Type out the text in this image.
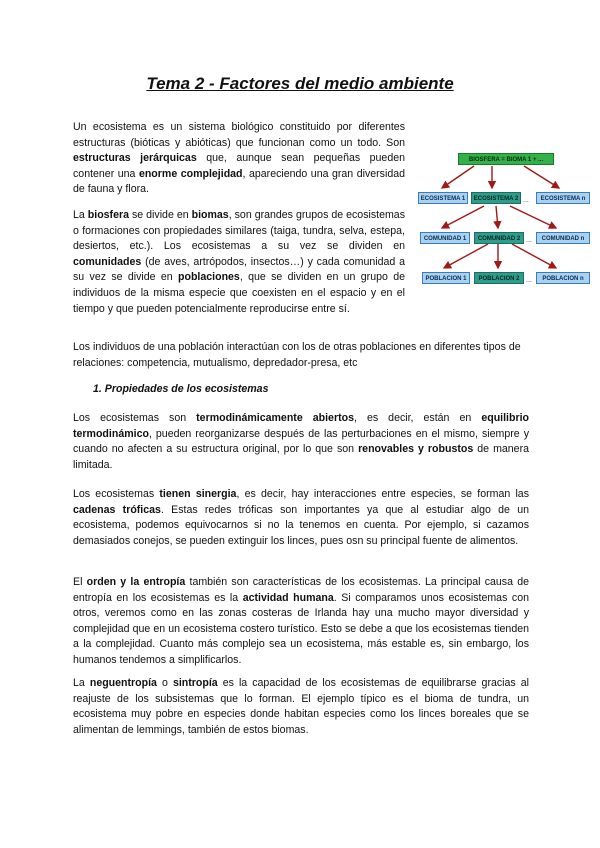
Tema 2 - Factores del medio ambiente

Un ecosistema es un sistema biológico constituido por diferentes estructuras (bióticas y abióticas) que funcionan como un todo. Son estructuras jerárquicas que, aunque sean pequeñas pueden contener una enorme complejidad, apareciendo una gran diversidad de fauna y flora.

La biosfera se divide en biomas, son grandes grupos de ecosistemas o formaciones con propiedades similares (taiga, tundra, selva, estepa, desiertos, etc.). Los ecosistemas a su vez se dividen en comunidades (de aves, artrópodos, insectos…) y cada comunidad a su vez se divide en poblaciones, que se dividen en un grupo de individuos de la misma especie que coexisten en el espacio y en el tiempo y que pueden potencialmente reproducirse entre sí.

BIOSFERA = BIOMA 1 + ...
ECOSISTEMA 1	ECOSISTEMA 2 ...	ECOSISTEMA n
COMUNIDAD 1	COMUNIDAD 2 ...	COMUNIDAD n
POBLACION 1	POBLACION 2 ...	POBLACION n

Los individuos de una población interactúan con los de otras poblaciones en diferentes tipos de relaciones: competencia, mutualismo, depredador-presa, etc

1. Propiedades de los ecosistemas

Los ecosistemas son termodinámicamente abiertos, es decir, están en equilibrio termodinámico, pueden reorganizarse después de las perturbaciones en el mismo, siempre y cuando no afecten a su estructura original, por lo que son renovables y robustos de manera limitada.

Los ecosistemas tienen sinergia, es decir, hay interacciones entre especies, se forman las cadenas tróficas. Estas redes tróficas son importantes ya que al estudiar algo de un ecosistema, podemos equivocarnos si no la tenemos en cuenta. Por ejemplo, si cazamos demasiados conejos, se pueden extinguir los linces, pues osn su principal fuente de alimentos.

El orden y la entropía también son características de los ecosistemas. La principal causa de entropía en los ecosistemas es la actividad humana. Si comparamos unos ecosistemas con otros, veremos como en las zonas costeras de Irlanda hay una mucho mayor diversidad y complejidad que en un ecosistema costero turístico. Esto se debe a que los ecosistemas tienden a la complejidad. Cuanto más complejo sea un ecosistema, más estable es, sin embargo, los humanos tendemos a simplificarlos.

La neguentropía o sintropía es la capacidad de los ecosistemas de equilibrarse gracias al reajuste de los subsistemas que lo forman. El ejemplo típico es el bioma de tundra, un ecosistema muy pobre en especies donde habitan especies como los linces boreales que se alimentan de lemmings, también de estos biomas.
